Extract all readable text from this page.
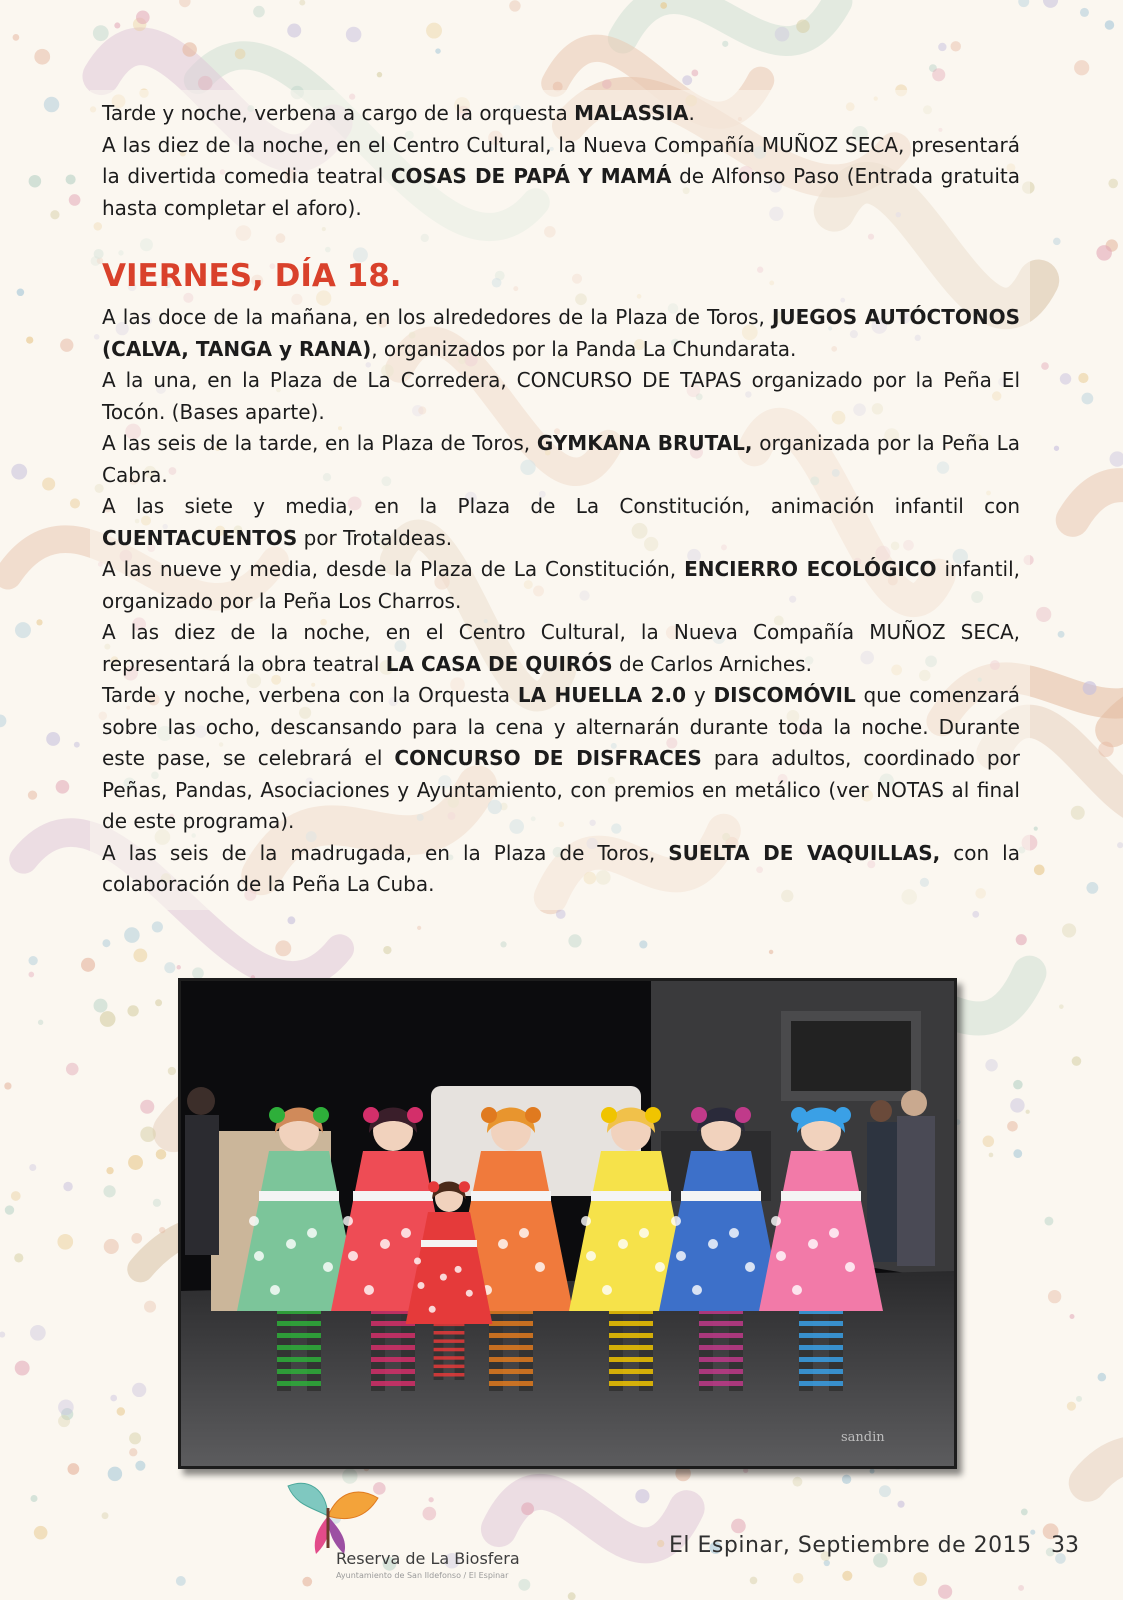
Tarde y noche, verbena a cargo de la orquesta MALASSIA.

A las diez de la noche, en el Centro Cultural, la Nueva Compañía MUÑOZ SECA, presentará la divertida comedia teatral COSAS DE PAPÁ Y MAMÁ de Alfonso Paso (Entrada gratuita hasta completar el aforo).

VIERNES, DÍA 18.

A las doce de la mañana, en los alrededores de la Plaza de Toros, JUEGOS AUTÓCTONOS (CALVA, TANGA y RANA), organizados por la Panda La Chundarata.

A la una, en la Plaza de La Corredera, CONCURSO DE TAPAS organizado por la Peña El Tocón. (Bases aparte).

A las seis de la tarde, en la Plaza de Toros, GYMKANA BRUTAL, organizada por la Peña La Cabra.

A las siete y media, en la Plaza de La Constitución, animación infantil con CUENTACUENTOS por Trotaldeas.

A las nueve y media, desde la Plaza de La Constitución, ENCIERRO ECOLÓGICO infantil, organizado por la Peña Los Charros.

A las diez de la noche, en el Centro Cultural, la Nueva Compañía MUÑOZ SECA, representará la obra teatral LA CASA DE QUIRÓS de Carlos Arniches.

Tarde y noche, verbena con la Orquesta LA HUELLA 2.0 y DISCOMÓVIL que comenzará sobre las ocho, descansando para la cena y alternarán durante toda la noche. Durante este pase, se celebrará el CONCURSO DE DISFRACES para adultos, coordinado por Peñas, Pandas, Asociaciones y Ayuntamiento, con premios en metálico (ver NOTAS al final de este programa).

A las seis de la madrugada, en la Plaza de Toros, SUELTA DE VAQUILLAS, con la colaboración de la Peña La Cuba.

sandin
Reserva de La Biosfera
Ayuntamiento de San Ildefonso / El Espinar
El Espinar, Septiembre de 2015 33
